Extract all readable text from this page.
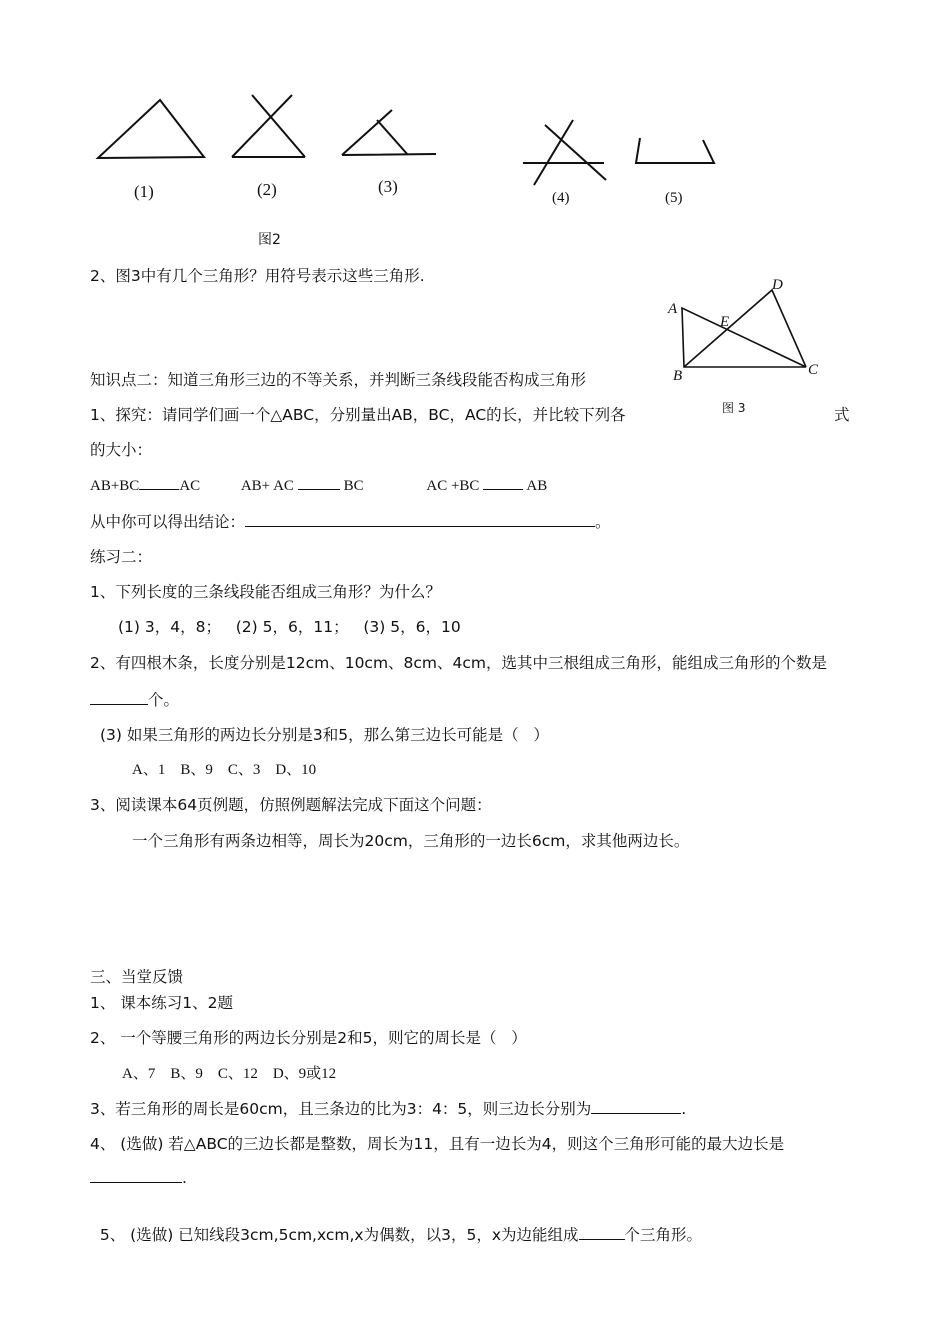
(1)	(2)	(3)
(4)	(5)
图2
A
B	C
D
E
图 3
2、图3中有几个三角形？用符号表示这些三角形.
知识点二：知道三角形三边的不等关系，并判断三条线段能否构成三角形
1、探究：请同学们画一个△ABC，分别量出AB，BC，AC的长，并比较下列各	式
的大小：
AB+BC	AC	AB+ AC	BC	AC +BC	AB
从中你可以得出结论：	。
练习二：
1、下列长度的三条线段能否组成三角形？为什么？
(1) 3，4，8；   (2) 5，6，11；   (3) 5，6，10
2、有四根木条，长度分别是12cm、10cm、8cm、4cm，选其中三根组成三角形，能组成三角形的个数是
个。
(3) 如果三角形的两边长分别是3和5，那么第三边长可能是（   ）
A、1    B、9    C、3    D、10
3、阅读课本64页例题，仿照例题解法完成下面这个问题：
一个三角形有两条边相等，周长为20cm，三角形的一边长6cm，求其他两边长。
三、当堂反馈
1、 课本练习1、2题
2、 一个等腰三角形的两边长分别是2和5，则它的周长是（   ）
A、7    B、9    C、12    D、9或12
3、若三角形的周长是60cm，且三条边的比为3：4：5，则三边长分别为	.
4、 (选做) 若△ABC的三边长都是整数，周长为11，且有一边长为4，则这个三角形可能的最大边长是
.

5、 (选做) 已知线段3cm,5cm,xcm,x为偶数，以3，5，x为边能组成	个三角形。
